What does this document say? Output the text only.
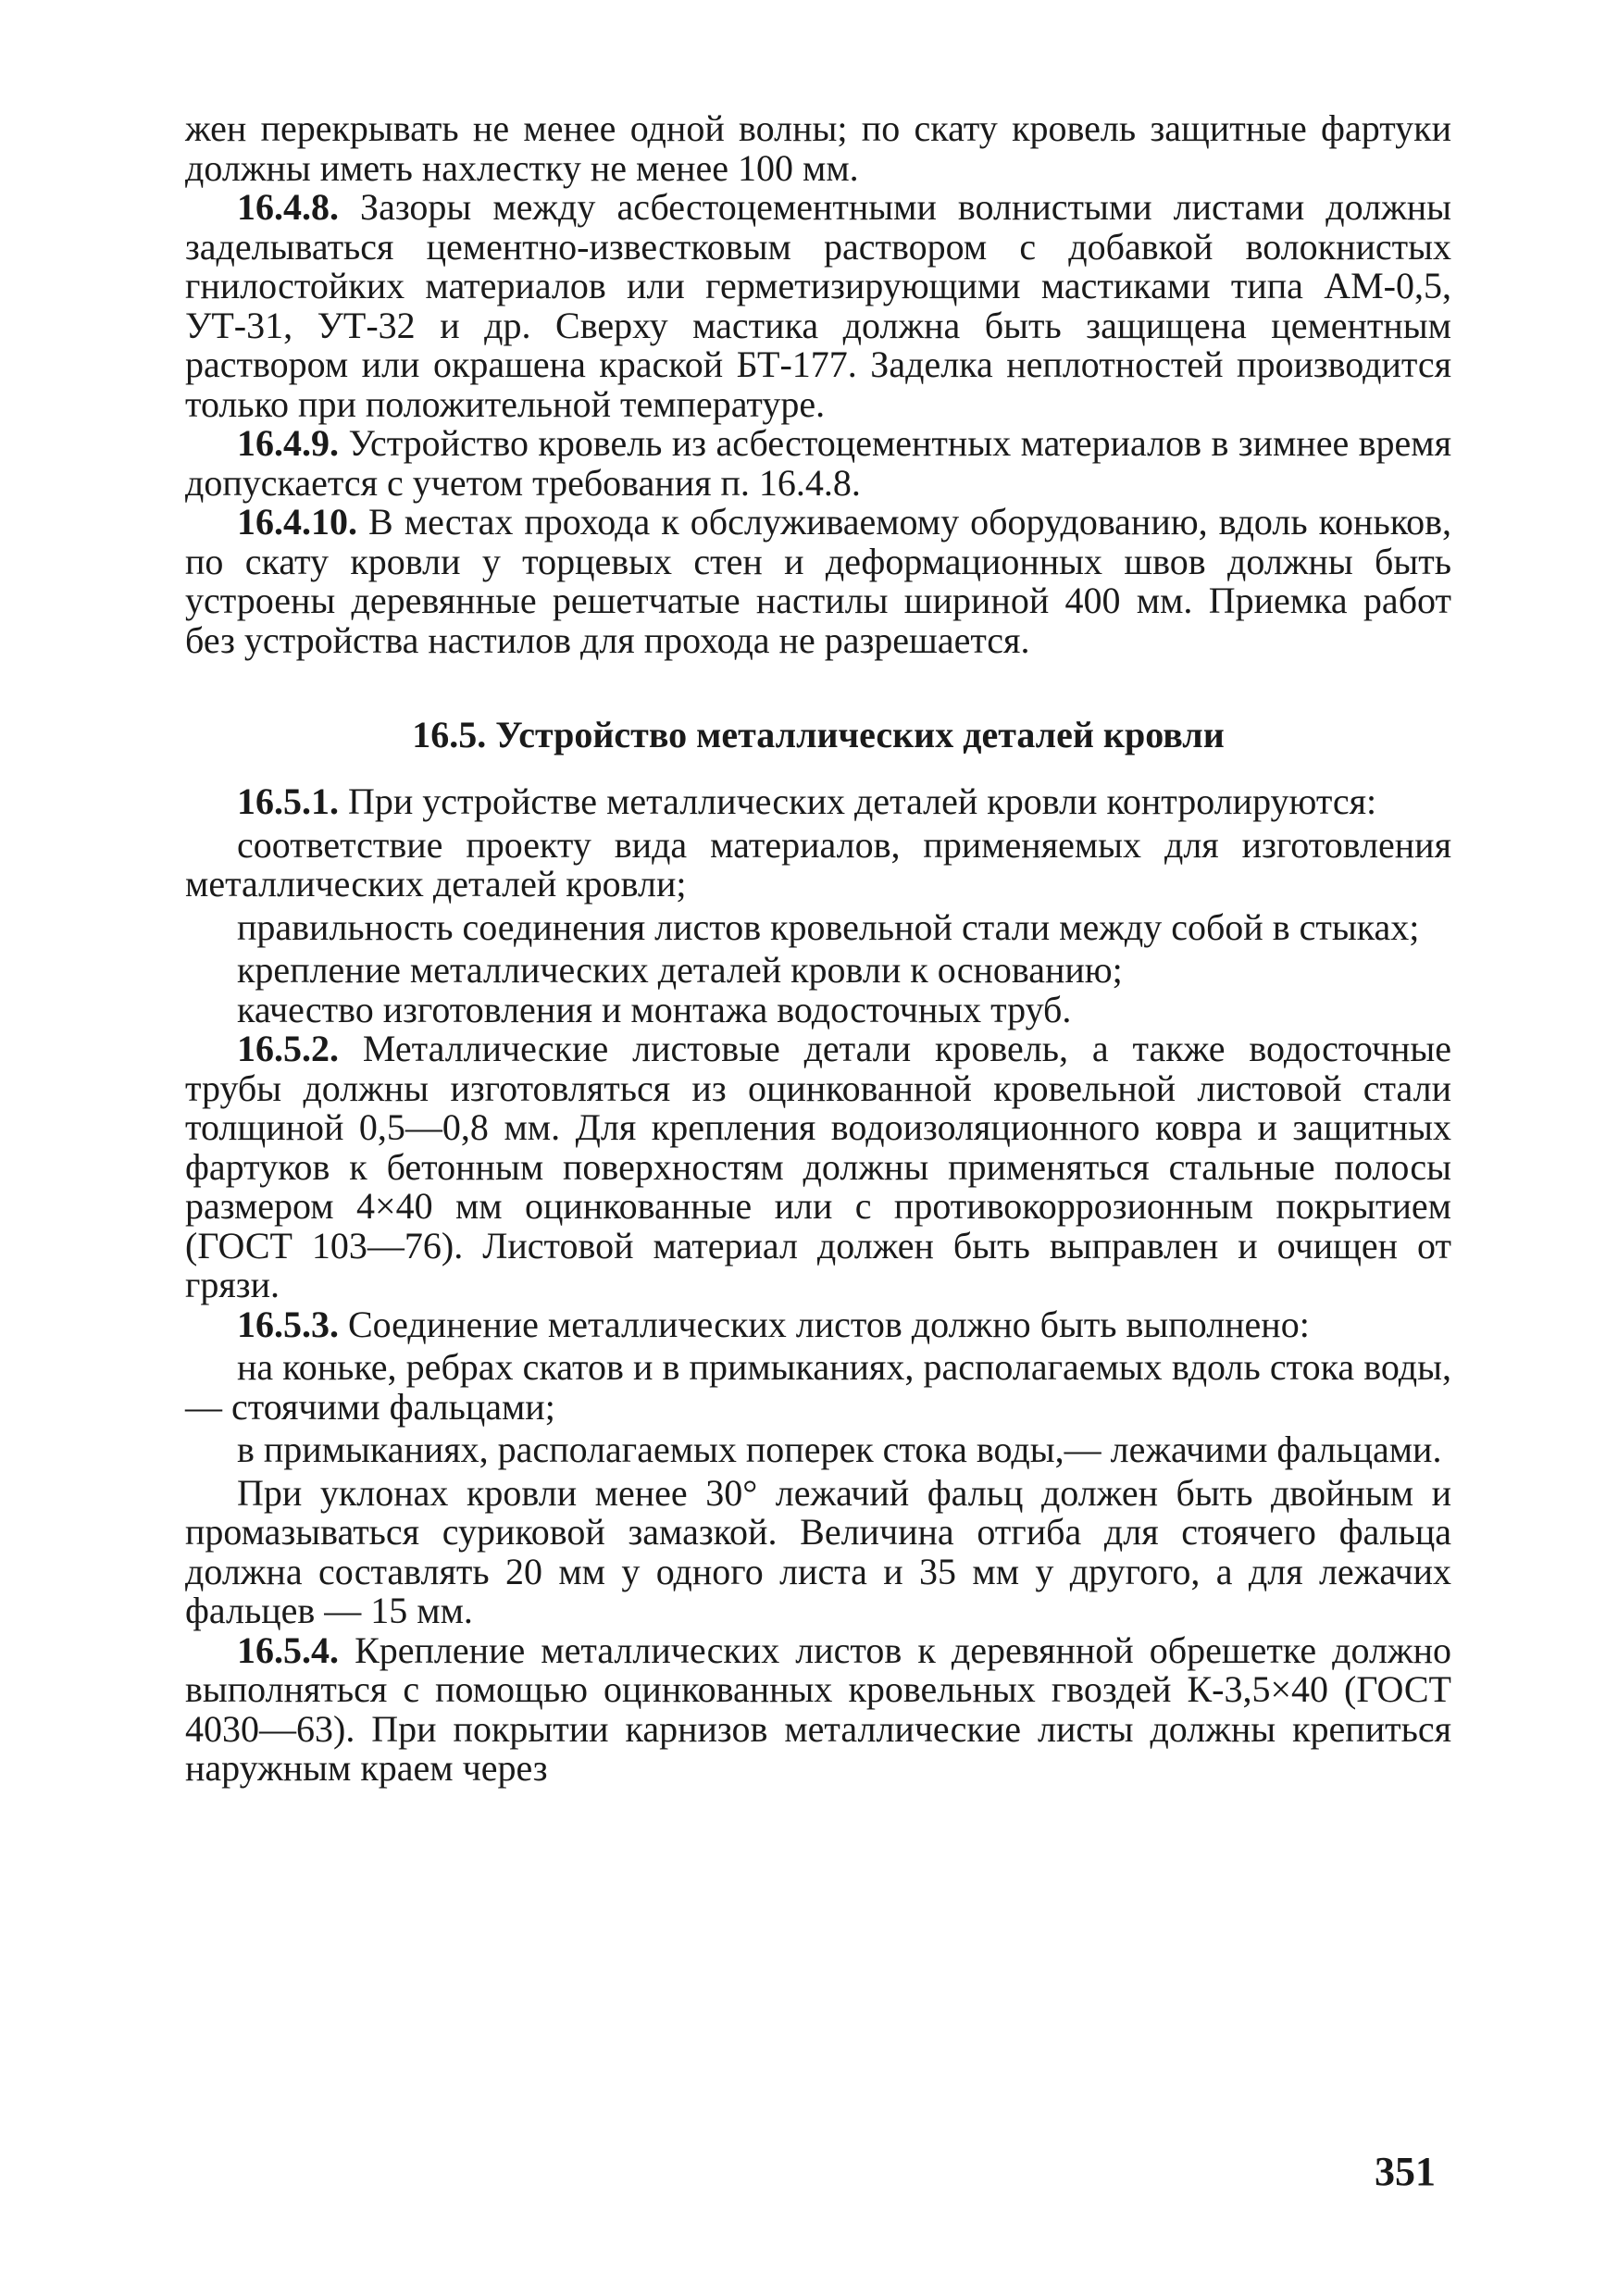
жен перекрывать не менее одной волны; по скату кровель защитные фартуки должны иметь нахлестку не менее 100 мм.

16.4.8. Зазоры между асбестоцементными волнистыми листами должны заделываться цементно-известковым раствором с добавкой волокнистых гнилостойких материалов или герметизирующими мастиками типа АМ-0,5, УТ-31, УТ-32 и др. Сверху мастика должна быть защищена цементным раствором или окрашена краской БТ-177. Заделка неплотностей производится только при положительной температуре.

16.4.9. Устройство кровель из асбестоцементных материалов в зимнее время допускается с учетом требования п. 16.4.8.

16.4.10. В местах прохода к обслуживаемому оборудованию, вдоль коньков, по скату кровли у торцевых стен и деформационных швов должны быть устроены деревянные решетчатые настилы шириной 400 мм. Приемка работ без устройства настилов для прохода не разрешается.

16.5. Устройство металлических деталей кровли

16.5.1. При устройстве металлических деталей кровли контролируются:

соответствие проекту вида материалов, применяемых для изготовления металлических деталей кровли;

правильность соединения листов кровельной стали между собой в стыках;

крепление металлических деталей кровли к основанию;

качество изготовления и монтажа водосточных труб.

16.5.2. Металлические листовые детали кровель, а также водосточные трубы должны изготовляться из оцинкованной кровельной листовой стали толщиной 0,5—0,8 мм. Для крепления водоизоляционного ковра и защитных фартуков к бетонным поверхностям должны применяться стальные полосы размером 4×40 мм оцинкованные или с противокоррозионным покрытием (ГОСТ 103—76). Листовой материал должен быть выправлен и очищен от грязи.

16.5.3. Соединение металлических листов должно быть выполнено:

на коньке, ребрах скатов и в примыканиях, располагаемых вдоль стока воды,— стоячими фальцами;

в примыканиях, располагаемых поперек стока воды,— лежачими фальцами.

При уклонах кровли менее 30° лежачий фальц должен быть двойным и промазываться суриковой замазкой. Величина отгиба для стоячего фальца должна составлять 20 мм у одного листа и 35 мм у другого, а для лежачих фальцев — 15 мм.

16.5.4. Крепление металлических листов к деревянной обрешетке должно выполняться с помощью оцинкованных кровельных гвоздей К-3,5×40 (ГОСТ 4030—63). При покрытии карнизов металлические листы должны крепиться наружным краем через

351
